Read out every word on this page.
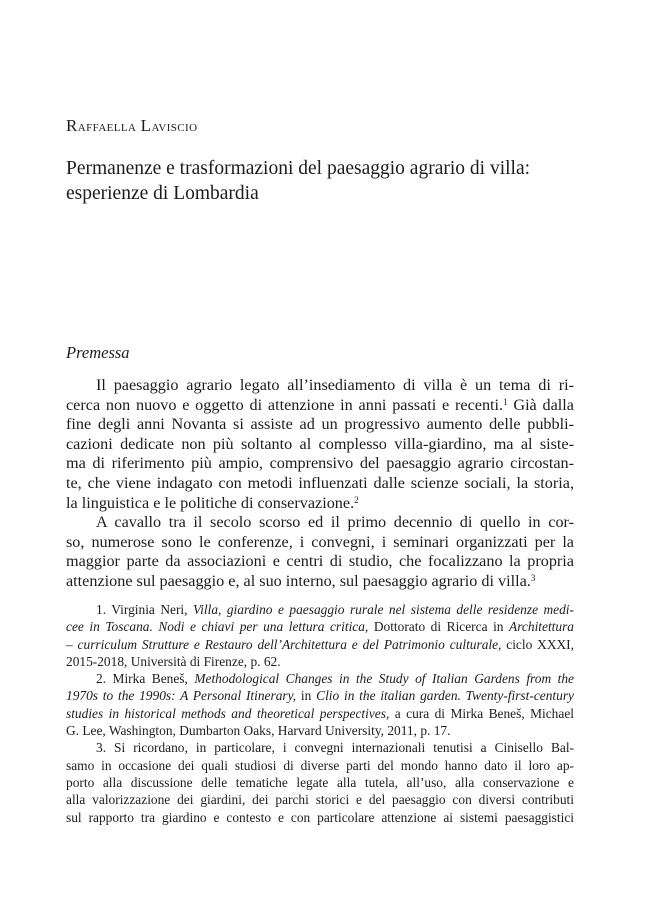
Raffaella Laviscio
Permanenze e trasformazioni del paesaggio agrario di villa:
esperienze di Lombardia
Premessa
Il paesaggio agrario legato all’insediamento di villa è un tema di ri-
cerca non nuovo e oggetto di attenzione in anni passati e recenti.$^1$ Già dalla
fine degli anni Novanta si assiste ad un progressivo aumento delle pubbli-
cazioni dedicate non più soltanto al complesso villa-giardino, ma al siste-
ma di riferimento più ampio, comprensivo del paesaggio agrario circostan-
te, che viene indagato con metodi influenzati dalle scienze sociali, la storia,
la linguistica e le politiche di conservazione.$^2$
A cavallo tra il secolo scorso ed il primo decennio di quello in cor-
so, numerose sono le conferenze, i convegni, i seminari organizzati per la
maggior parte da associazioni e centri di studio, che focalizzano la propria
attenzione sul paesaggio e, al suo interno, sul paesaggio agrario di villa.$^3$
1. Virginia Neri, Villa, giardino e paesaggio rurale nel sistema delle residenze medi-
cee in Toscana. Nodi e chiavi per una lettura critica, Dottorato di Ricerca in Architettura
– curriculum Strutture e Restauro dell’Architettura e del Patrimonio culturale, ciclo XXXI,
2015-2018, Università di Firenze, p. 62.
2. Mirka Beneš, Methodological Changes in the Study of Italian Gardens from the
1970s to the 1990s: A Personal Itinerary, in Clio in the italian garden. Twenty-first-century
studies in historical methods and theoretical perspectives, a cura di Mirka Beneš, Michael
G. Lee, Washington, Dumbarton Oaks, Harvard University, 2011, p. 17.
3. Si ricordano, in particolare, i convegni internazionali tenutisi a Cinisello Bal-
samo in occasione dei quali studiosi di diverse parti del mondo hanno dato il loro ap-
porto alla discussione delle tematiche legate alla tutela, all’uso, alla conservazione e
alla valorizzazione dei giardini, dei parchi storici e del paesaggio con diversi contributi
sul rapporto tra giardino e contesto e con particolare attenzione ai sistemi paesaggistici
